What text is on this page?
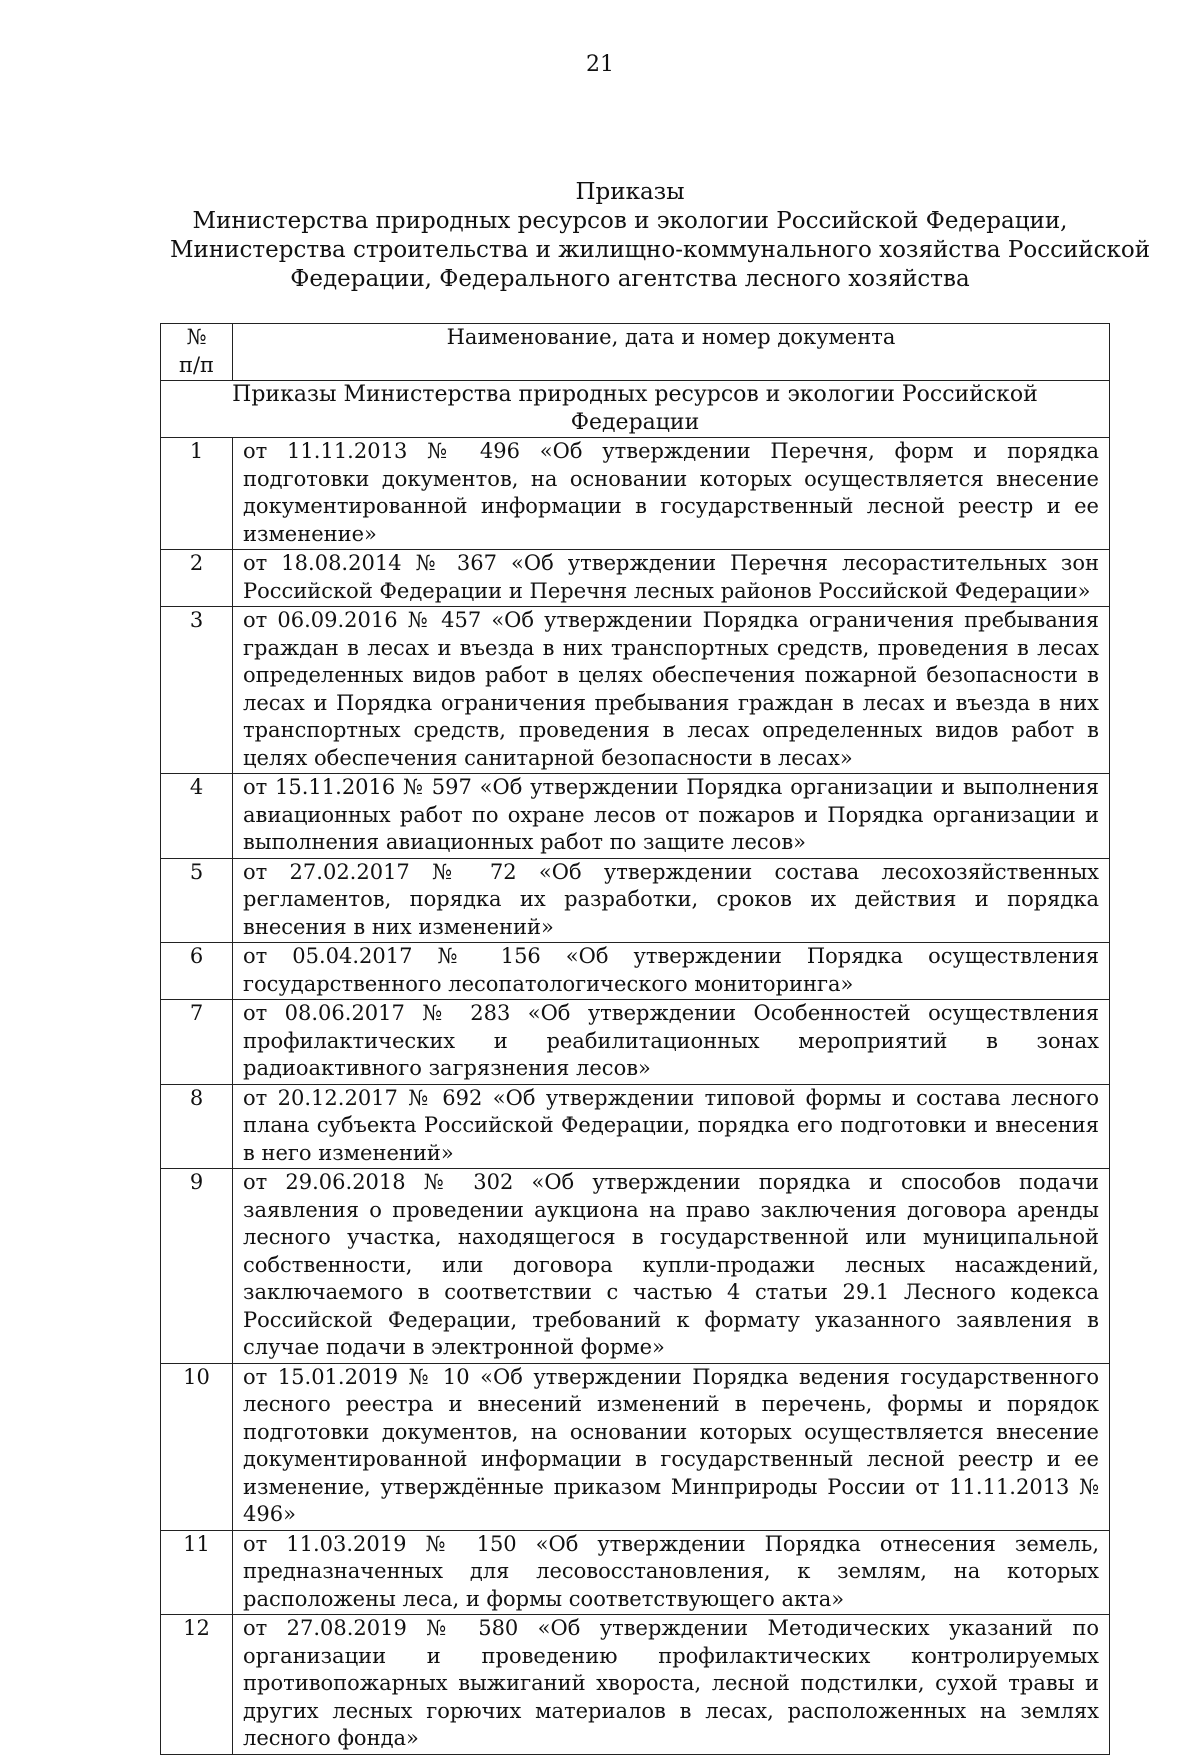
21
Приказы
Министерства природных ресурсов и экологии Российской Федерации,
Министерства строительства и жилищно-коммунального хозяйства Российской
Федерации, Федерального агентства лесного хозяйства
№
п/п	Наименование, дата и номер документа
Приказы Министерства природных ресурсов и экологии Российской Федерации	
1	от 11.11.2013 № 496 «Об утверждении Перечня, форм и порядка подготовки документов, на основании которых осуществляется внесение документированной информации в государственный лесной реестр и ее изменение»
2	от 18.08.2014 № 367 «Об утверждении Перечня лесорастительных зон Российской Федерации и Перечня лесных районов Российской Федерации»
3	от 06.09.2016 № 457 «Об утверждении Порядка ограничения пребывания граждан в лесах и въезда в них транспортных средств, проведения в лесах определенных видов работ в целях обеспечения пожарной безопасности в лесах и Порядка ограничения пребывания граждан в лесах и въезда в них транспортных средств, проведения в лесах определенных видов работ в целях обеспечения санитарной безопасности в лесах»
4	от 15.11.2016 № 597 «Об утверждении Порядка организации и выполнения авиационных работ по охране лесов от пожаров и Порядка организации и выполнения авиационных работ по защите лесов»
5	от 27.02.2017 № 72 «Об утверждении состава лесохозяйственных регламентов, порядка их разработки, сроков их действия и порядка внесения в них изменений»
6	от 05.04.2017 № 156 «Об утверждении Порядка осуществления государственного лесопатологического мониторинга»
7	от 08.06.2017 № 283 «Об утверждении Особенностей осуществления профилактических и реабилитационных мероприятий в зонах радиоактивного загрязнения лесов»
8	от 20.12.2017 № 692 «Об утверждении типовой формы и состава лесного плана субъекта Российской Федерации, порядка его подготовки и внесения в него изменений»
9	от 29.06.2018 № 302 «Об утверждении порядка и способов подачи заявления о проведении аукциона на право заключения договора аренды лесного участка, находящегося в государственной или муниципальной собственности, или договора купли-продажи лесных насаждений, заключаемого в соответствии с частью 4 статьи 29.1 Лесного кодекса Российской Федерации, требований к формату указанного заявления в случае подачи в электронной форме»
10	от 15.01.2019 № 10 «Об утверждении Порядка ведения государственного лесного реестра и внесений изменений в перечень, формы и порядок подготовки документов, на основании которых осуществляется внесение документированной информации в государственный лесной реестр и ее изменение, утверждённые приказом Минприроды России от 11.11.2013 № 496»
11	от 11.03.2019 № 150 «Об утверждении Порядка отнесения земель, предназначенных для лесовосстановления, к землям, на которых расположены леса, и формы соответствующего акта»
12	от 27.08.2019 № 580 «Об утверждении Методических указаний по организации и проведению профилактических контролируемых противопожарных выжиганий хвороста, лесной подстилки, сухой травы и других лесных горючих материалов в лесах, расположенных на землях лесного фонда»
